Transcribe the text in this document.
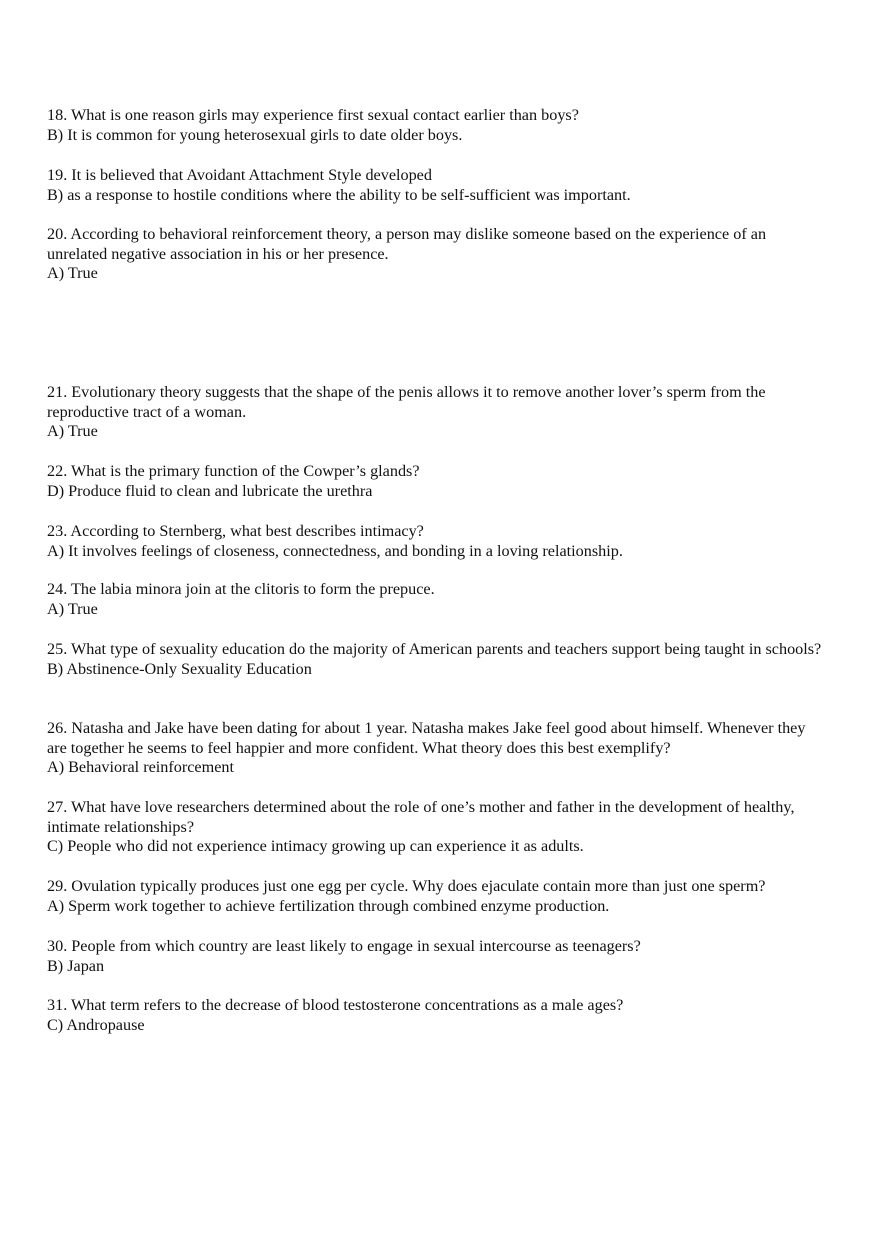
18. What is one reason girls may experience first sexual contact earlier than boys?

B) It is common for young heterosexual girls to date older boys.

19. It is believed that Avoidant Attachment Style developed

B) as a response to hostile conditions where the ability to be self-sufficient was important.

20. According to behavioral reinforcement theory, a person may dislike someone based on the experience of an unrelated negative association in his or her presence.

A) True

21. Evolutionary theory suggests that the shape of the penis allows it to remove another lover’s sperm from the reproductive tract of a woman.

A) True

22. What is the primary function of the Cowper’s glands?

D) Produce fluid to clean and lubricate the urethra

23. According to Sternberg, what best describes intimacy?

A) It involves feelings of closeness, connectedness, and bonding in a loving relationship.

24. The labia minora join at the clitoris to form the prepuce.

A) True

25. What type of sexuality education do the majority of American parents and teachers support being taught in schools?

B) Abstinence-Only Sexuality Education

26. Natasha and Jake have been dating for about 1 year. Natasha makes Jake feel good about himself. Whenever they are together he seems to feel happier and more confident. What theory does this best exemplify?

A) Behavioral reinforcement

27. What have love researchers determined about the role of one’s mother and father in the development of healthy, intimate relationships?

C) People who did not experience intimacy growing up can experience it as adults.

29. Ovulation typically produces just one egg per cycle. Why does ejaculate contain more than just one sperm?

A) Sperm work together to achieve fertilization through combined enzyme production.

30. People from which country are least likely to engage in sexual intercourse as teenagers?

B) Japan

31. What term refers to the decrease of blood testosterone concentrations as a male ages?

C) Andropause
